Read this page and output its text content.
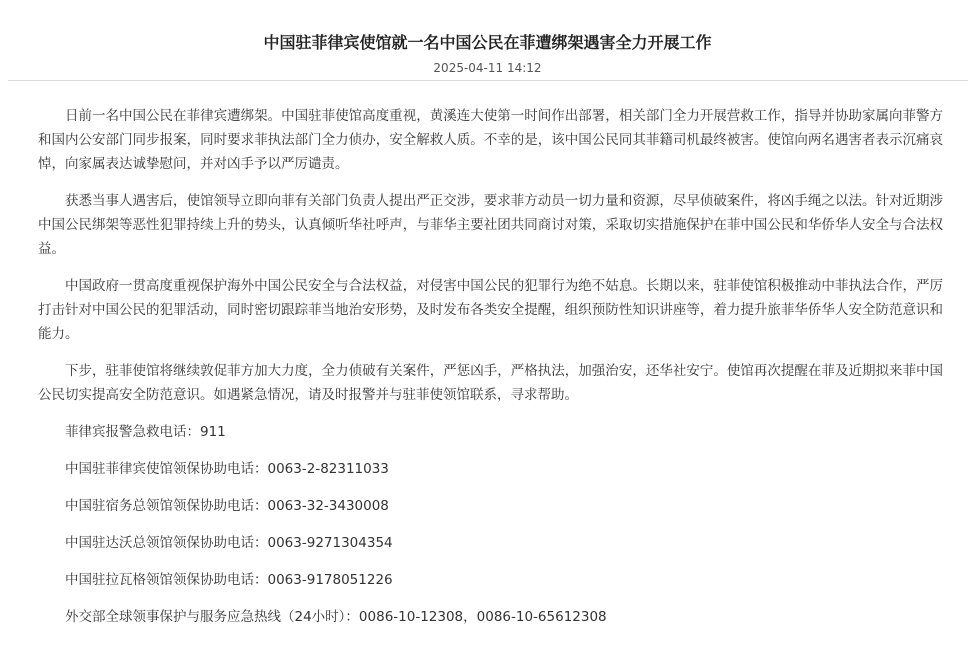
中国驻菲律宾使馆就一名中国公民在菲遭绑架遇害全力开展工作
2025-04-11 14:12

日前一名中国公民在菲律宾遭绑架。中国驻菲使馆高度重视，黄溪连大使第一时间作出部署，相关部门全力开展营救工作，指导并协助家属向菲警方和国内公安部门同步报案，同时要求菲执法部门全力侦办，安全解救人质。不幸的是，该中国公民同其菲籍司机最终被害。使馆向两名遇害者表示沉痛哀悼，向家属表达诚挚慰问，并对凶手予以严厉谴责。

获悉当事人遇害后，使馆领导立即向菲有关部门负责人提出严正交涉，要求菲方动员一切力量和资源，尽早侦破案件，将凶手绳之以法。针对近期涉中国公民绑架等恶性犯罪持续上升的势头，认真倾听华社呼声，与菲华主要社团共同商讨对策，采取切实措施保护在菲中国公民和华侨华人安全与合法权益。

中国政府一贯高度重视保护海外中国公民安全与合法权益，对侵害中国公民的犯罪行为绝不姑息。长期以来，驻菲使馆积极推动中菲执法合作，严厉打击针对中国公民的犯罪活动，同时密切跟踪菲当地治安形势，及时发布各类安全提醒，组织预防性知识讲座等，着力提升旅菲华侨华人安全防范意识和能力。

下步，驻菲使馆将继续敦促菲方加大力度，全力侦破有关案件，严惩凶手，严格执法，加强治安，还华社安宁。使馆再次提醒在菲及近期拟来菲中国公民切实提高安全防范意识。如遇紧急情况，请及时报警并与驻菲使领馆联系，寻求帮助。

菲律宾报警急救电话：911

中国驻菲律宾使馆领保协助电话：0063-2-82311033

中国驻宿务总领馆领保协助电话：0063-32-3430008

中国驻达沃总领馆领保协助电话：0063-9271304354

中国驻拉瓦格领馆领保协助电话：0063-9178051226

外交部全球领事保护与服务应急热线（24小时）：0086-10-12308，0086-10-65612308
